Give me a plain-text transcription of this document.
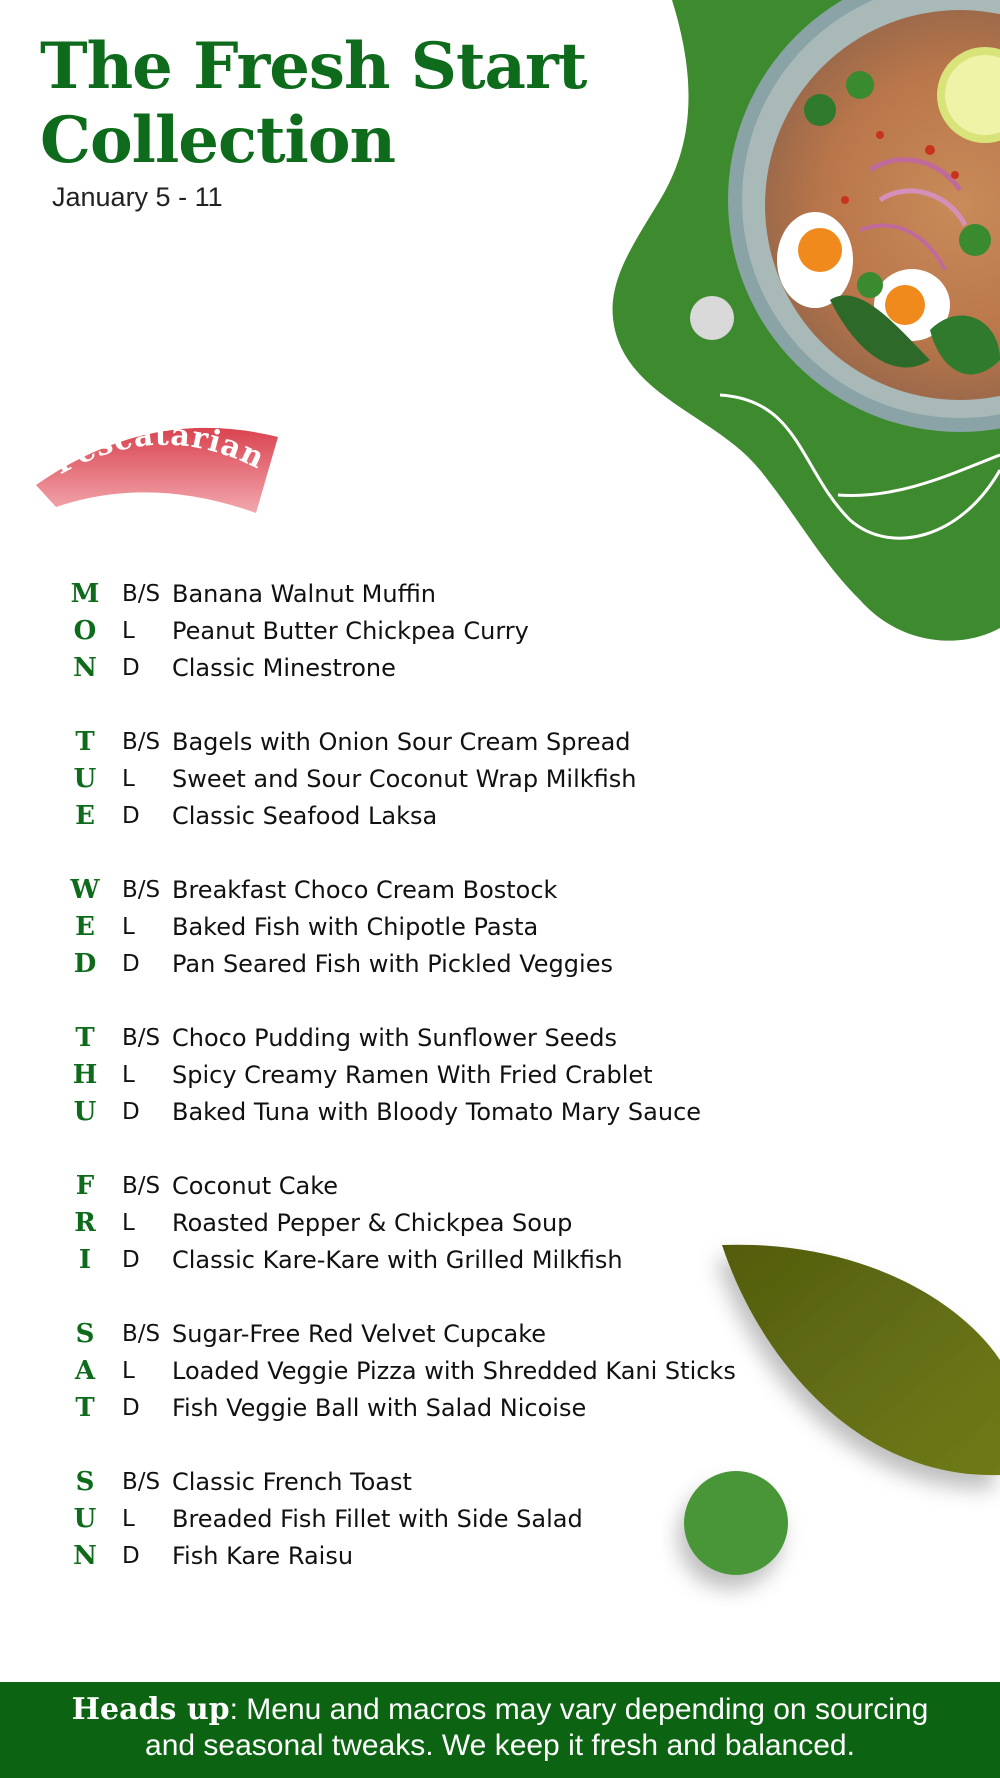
Pescatarian
The Fresh Start
Collection
January 5 - 11
M B/S Banana Walnut Muffin
O L Peanut Butter Chickpea Curry
N D Classic Minestrone
T B/S Bagels with Onion Sour Cream Spread
U L Sweet and Sour Coconut Wrap Milkfish
E D Classic Seafood Laksa
W B/S Breakfast Choco Cream Bostock
E L Baked Fish with Chipotle Pasta
D D Pan Seared Fish with Pickled Veggies
T B/S Choco Pudding with Sunflower Seeds
H L Spicy Creamy Ramen With Fried Crablet
U D Baked Tuna with Bloody Tomato Mary Sauce
F B/S Coconut Cake
R L Roasted Pepper & Chickpea Soup
I	D Classic Kare-Kare with Grilled Milkfish
S B/S Sugar-Free Red Velvet Cupcake
A L Loaded Veggie Pizza with Shredded Kani Sticks
T D Fish Veggie Ball with Salad Nicoise
S B/S Classic French Toast
U L Breaded Fish Fillet with Side Salad
N D Fish Kare Raisu
Heads up: Menu and macros may vary depending on sourcing
and seasonal tweaks. We keep it fresh and balanced.
